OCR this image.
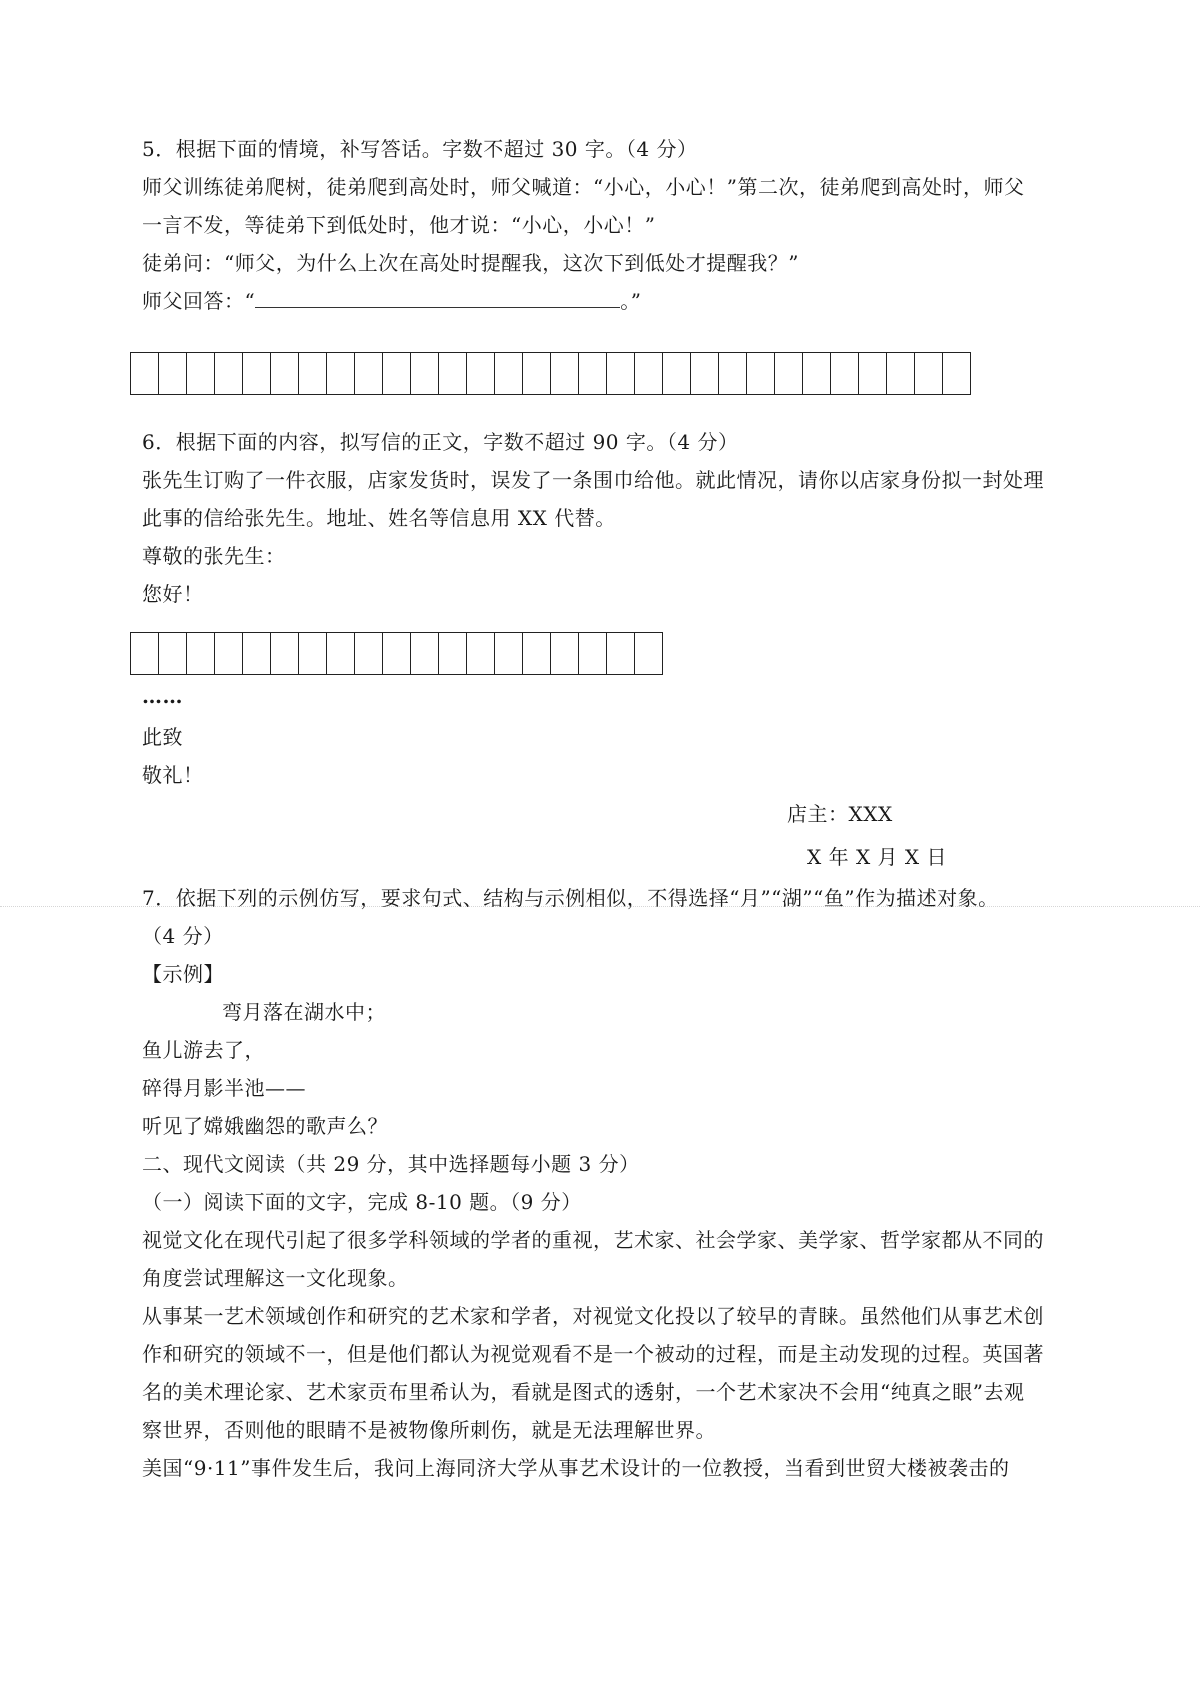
5．根据下面的情境，补写答话。字数不超过 30 字。（4 分）
师父训练徒弟爬树，徒弟爬到高处时，师父喊道：“小心，小心！”第二次，徒弟爬到高处时，师父
一言不发，等徒弟下到低处时，他才说：“小心，小心！”
徒弟问：“师父，为什么上次在高处时提醒我，这次下到低处才提醒我？”
师父回答：“	。”
6．根据下面的内容，拟写信的正文，字数不超过 90 字。（4 分）
张先生订购了一件衣服，店家发货时，误发了一条围巾给他。就此情况，请你以店家身份拟一封处理
此事的信给张先生。地址、姓名等信息用 XX 代替。
尊敬的张先生：
您好！
……
此致
敬礼！
店主：XXX
X 年 X 月 X 日
7．依据下列的示例仿写，要求句式、结构与示例相似，不得选择“月”“湖”“鱼”作为描述对象。
（4 分）
【示例】
弯月落在湖水中；
鱼儿游去了，
碎得月影半池——
听见了嫦娥幽怨的歌声么？
二、现代文阅读（共 29 分，其中选择题每小题 3 分）
（一）阅读下面的文字，完成 8-10 题。（9 分）
视觉文化在现代引起了很多学科领域的学者的重视，艺术家、社会学家、美学家、哲学家都从不同的
角度尝试理解这一文化现象。
从事某一艺术领域创作和研究的艺术家和学者，对视觉文化投以了较早的青睐。虽然他们从事艺术创
作和研究的领域不一，但是他们都认为视觉观看不是一个被动的过程，而是主动发现的过程。英国著
名的美术理论家、艺术家贡布里希认为，看就是图式的透射，一个艺术家决不会用“纯真之眼”去观
察世界，否则他的眼睛不是被物像所刺伤，就是无法理解世界。
美国“9·11”事件发生后，我问上海同济大学从事艺术设计的一位教授，当看到世贸大楼被袭击的
